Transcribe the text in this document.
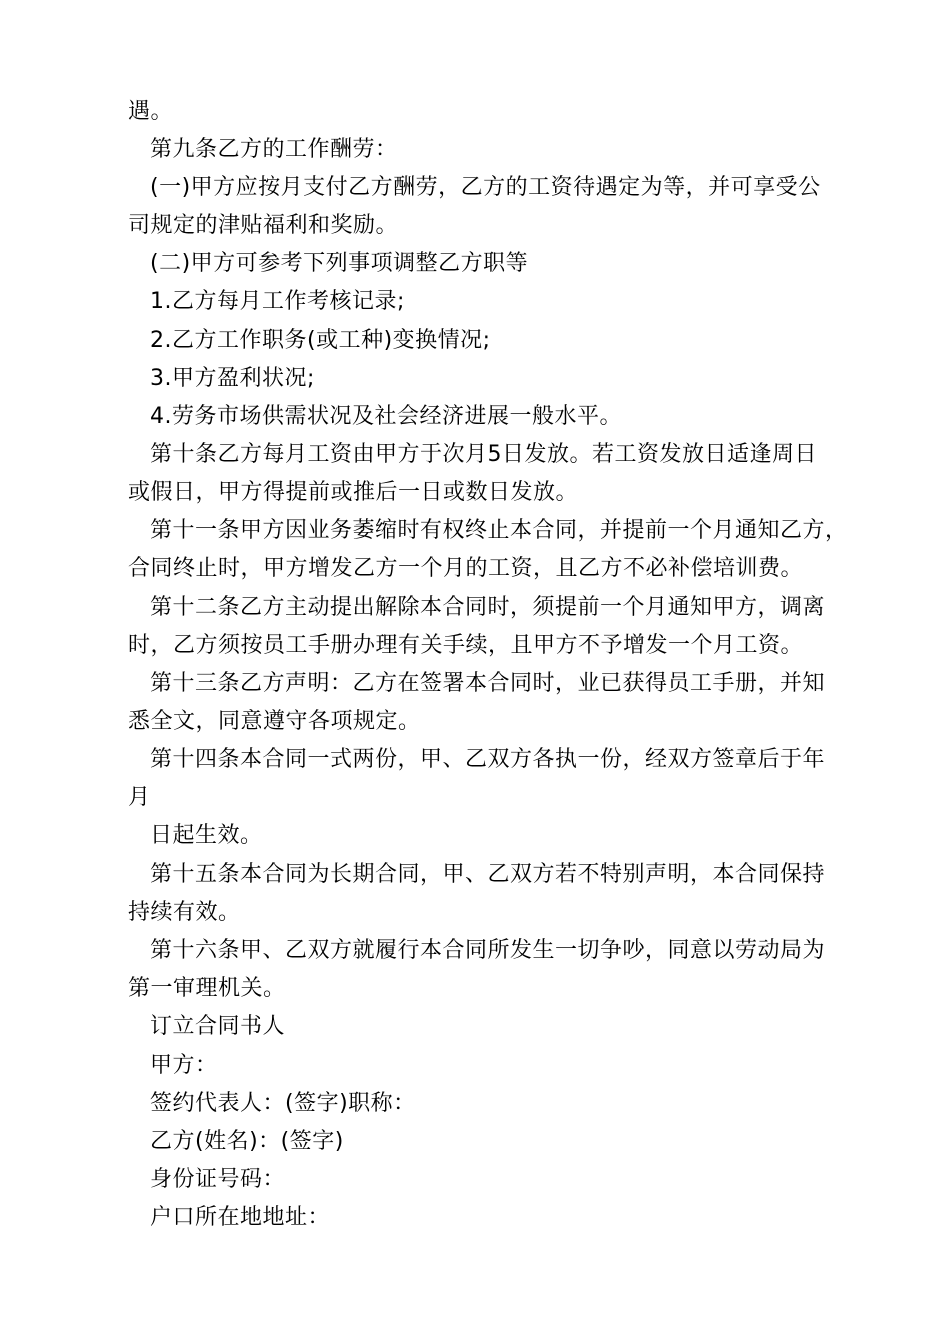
遇。
第九条乙方的工作酬劳：
(一)甲方应按月支付乙方酬劳，乙方的工资待遇定为等，并可享受公
司规定的津贴福利和奖励。
(二)甲方可参考下列事项调整乙方职等
1.乙方每月工作考核记录;
2.乙方工作职务(或工种)变换情况;
3.甲方盈利状况;
4.劳务市场供需状况及社会经济进展一般水平。
第十条乙方每月工资由甲方于次月5日发放。若工资发放日适逢周日
或假日，甲方得提前或推后一日或数日发放。
第十一条甲方因业务萎缩时有权终止本合同，并提前一个月通知乙方，
合同终止时，甲方增发乙方一个月的工资，且乙方不必补偿培训费。
第十二条乙方主动提出解除本合同时，须提前一个月通知甲方，调离
时，乙方须按员工手册办理有关手续，且甲方不予增发一个月工资。
第十三条乙方声明：乙方在签署本合同时，业已获得员工手册，并知
悉全文，同意遵守各项规定。
第十四条本合同一式两份，甲、乙双方各执一份，经双方签章后于年
月
日起生效。
第十五条本合同为长期合同，甲、乙双方若不特别声明，本合同保持
持续有效。
第十六条甲、乙双方就履行本合同所发生一切争吵，同意以劳动局为
第一审理机关。
订立合同书人
甲方：
签约代表人：(签字)职称：
乙方(姓名)：(签字)
身份证号码：
户口所在地地址：
